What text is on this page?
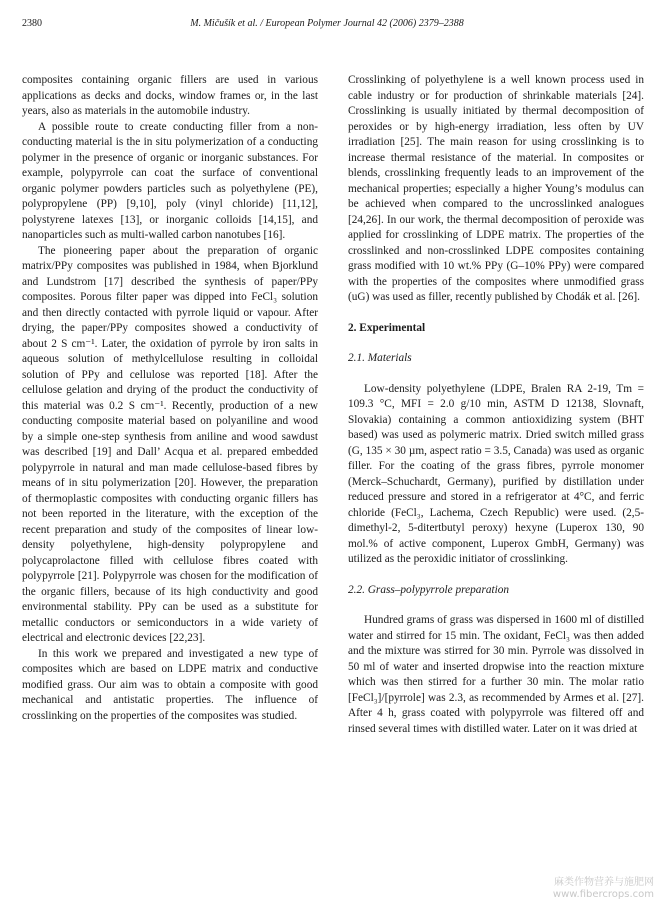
2380	M. Mičušík et al. / European Polymer Journal 42 (2006) 2379–2388

composites containing organic fillers are used in various applications as decks and docks, window frames or, in the last years, also as materials in the automobile industry.

A possible route to create conducting filler from a non-conducting material is the in situ polymerization of a conducting polymer in the presence of organic or inorganic substances. For example, polypyrrole can coat the surface of conventional organic polymer powders particles such as polyethylene (PE), polypropylene (PP) [9,10], poly (vinyl chloride) [11,12], polystyrene latexes [13], or inorganic colloids [14,15], and nanoparticles such as multi-walled carbon nanotubes [16].

The pioneering paper about the preparation of organic matrix/PPy composites was published in 1984, when Bjorklund and Lundstrom [17] described the synthesis of paper/PPy composites. Porous filter paper was dipped into FeCl₃ solution and then directly contacted with pyrrole liquid or vapour. After drying, the paper/PPy composites showed a conductivity of about 2 S cm⁻¹. Later, the oxidation of pyrrole by iron salts in aqueous solution of methylcellulose resulting in colloidal solution of PPy and cellulose was reported [18]. After the cellulose gelation and drying of the product the conductivity of this material was 0.2 S cm⁻¹. Recently, production of a new conducting composite material based on polyaniline and wood by a simple one-step synthesis from aniline and wood sawdust was described [19] and Dall’ Acqua et al. prepared embedded polypyrrole in natural and man made cellulose-based fibres by means of in situ polymerization [20]. However, the preparation of thermoplastic composites with conducting organic fillers has not been reported in the literature, with the exception of the recent preparation and study of the composites of linear low-density polyethylene, high-density polypropylene and polycaprolactone filled with cellulose fibres coated with polypyrrole [21]. Polypyrrole was chosen for the modification of the organic fillers, because of its high conductivity and good environmental stability. PPy can be used as a substitute for metallic conductors or semiconductors in a wide variety of electrical and electronic devices [22,23].

In this work we prepared and investigated a new type of composites which are based on LDPE matrix and conductive modified grass. Our aim was to obtain a composite with good mechanical and antistatic properties. The influence of crosslinking on the properties of the composites was studied.

Crosslinking of polyethylene is a well known process used in cable industry or for production of shrinkable materials [24]. Crosslinking is usually initiated by thermal decomposition of peroxides or by high-energy irradiation, less often by UV irradiation [25]. The main reason for using crosslinking is to increase thermal resistance of the material. In composites or blends, crosslinking frequently leads to an improvement of the mechanical properties; especially a higher Young’s modulus can be achieved when compared to the uncrosslinked analogues [24,26]. In our work, the thermal decomposition of peroxide was applied for crosslinking of LDPE matrix. The properties of the crosslinked and non-crosslinked LDPE composites containing grass modified with 10 wt.% PPy (G–10% PPy) were compared with the properties of the composites where unmodified grass (uG) was used as filler, recently published by Chodák et al. [26].

2. Experimental

2.1. Materials

Low-density polyethylene (LDPE, Bralen RA 2-19, Tm = 109.3 °C, MFI = 2.0 g/10 min, ASTM D 12138, Slovnaft, Slovakia) containing a common antioxidizing system (BHT based) was used as polymeric matrix. Dried switch milled grass (G, 135 × 30 µm, aspect ratio = 3.5, Canada) was used as organic filler. For the coating of the grass fibres, pyrrole monomer (Merck–Schuchardt, Germany), purified by distillation under reduced pressure and stored in a refrigerator at 4°C, and ferric chloride (FeCl₃, Lachema, Czech Republic) were used. (2,5-dimethyl-2, 5-ditertbutyl peroxy) hexyne (Luperox 130, 90 mol.% of active component, Luperox GmbH, Germany) was utilized as the peroxidic initiator of crosslinking.

2.2. Grass–polypyrrole preparation

Hundred grams of grass was dispersed in 1600 ml of distilled water and stirred for 15 min. The oxidant, FeCl₃ was then added and the mixture was stirred for 30 min. Pyrrole was dissolved in 50 ml of water and inserted dropwise into the reaction mixture which was then stirred for a further 30 min. The molar ratio [FeCl₃]/[pyrrole] was 2.3, as recommended by Armes et al. [27]. After 4 h, grass coated with polypyrrole was filtered off and rinsed several times with distilled water. Later on it was dried at

麻类作物营养与施肥网
www.fibercrops.com
